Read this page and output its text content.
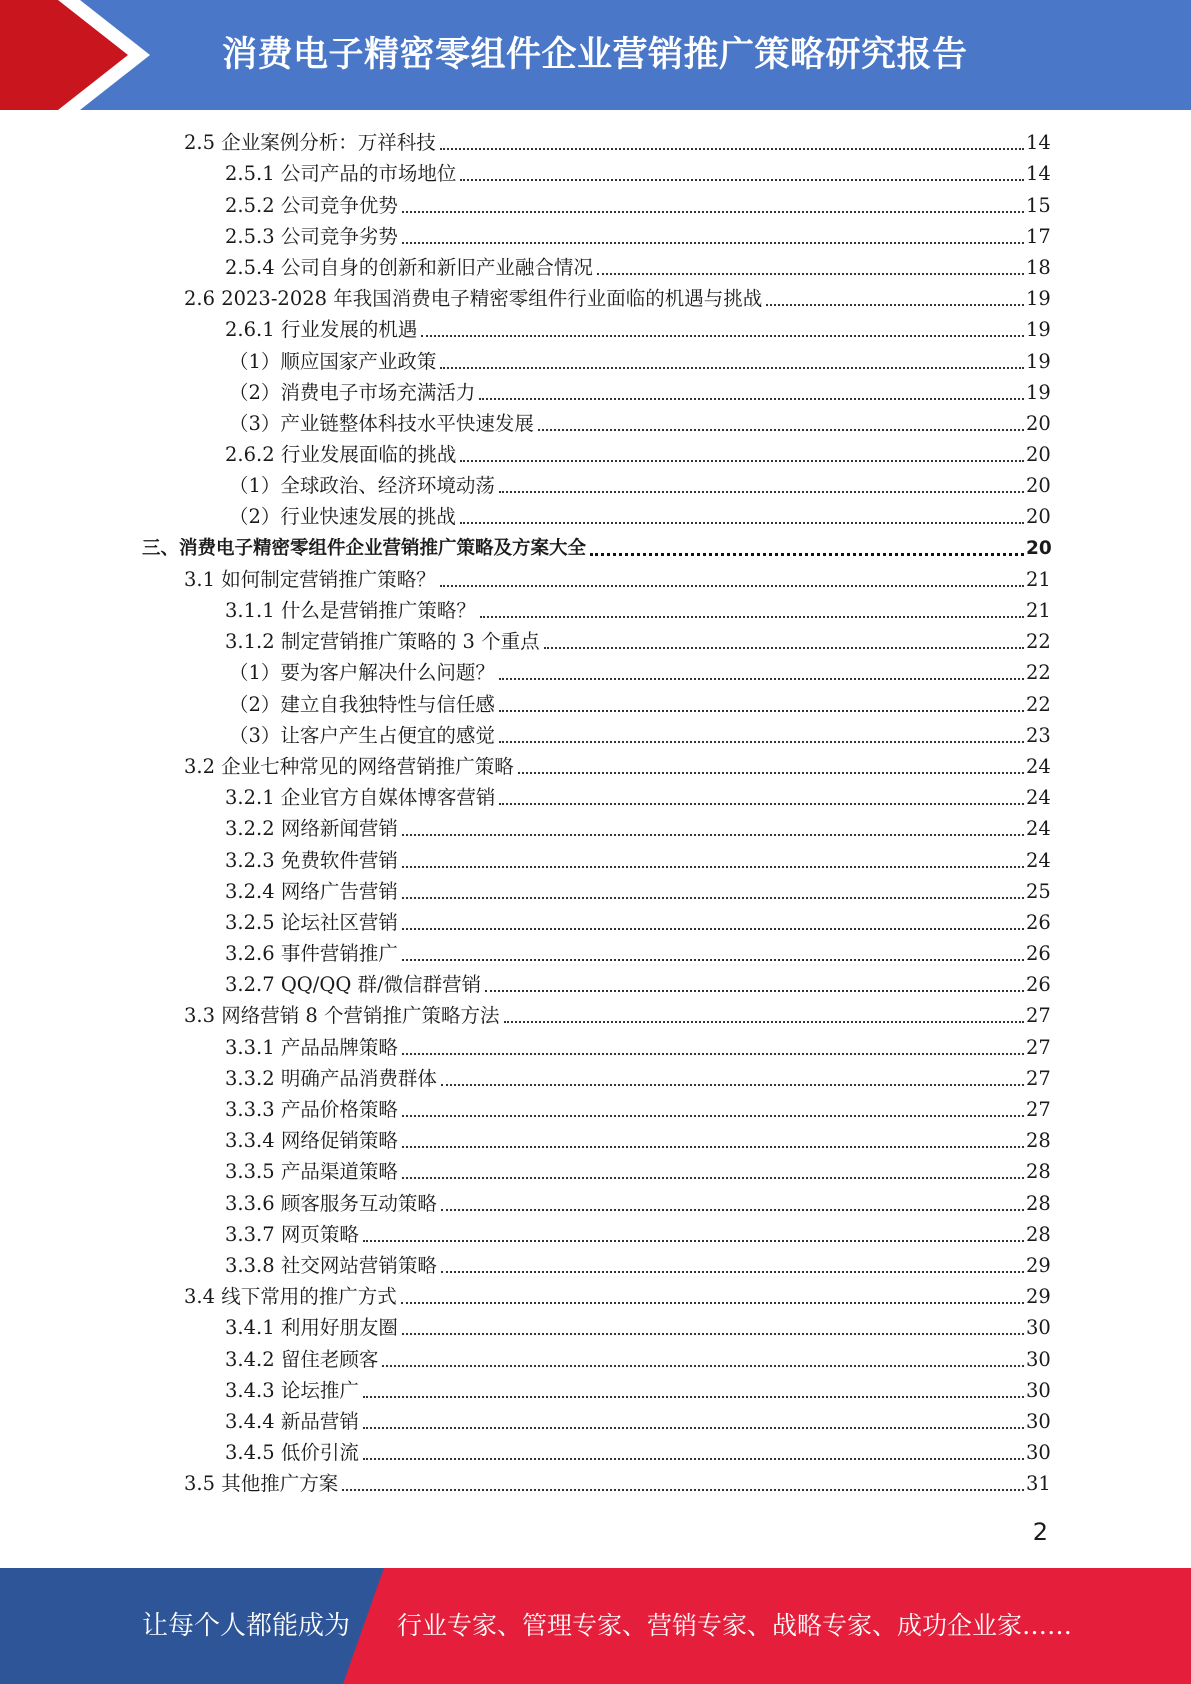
消费电子精密零组件企业营销推广策略研究报告
2.5 企业案例分析：万祥科技	14
2.5.1 公司产品的市场地位	14
2.5.2 公司竞争优势	15
2.5.3 公司竞争劣势	17
2.5.4 公司自身的创新和新旧产业融合情况	18
2.6 2023-2028 年我国消费电子精密零组件行业面临的机遇与挑战	19
2.6.1 行业发展的机遇	19
（1）顺应国家产业政策	19
（2）消费电子市场充满活力	19
（3）产业链整体科技水平快速发展	20
2.6.2 行业发展面临的挑战	20
（1）全球政治、经济环境动荡	20
（2）行业快速发展的挑战	20
三、消费电子精密零组件企业营销推广策略及方案大全	20
3.1 如何制定营销推广策略？	21
3.1.1 什么是营销推广策略？	21
3.1.2 制定营销推广策略的 3 个重点	22
（1）要为客户解决什么问题？	22
（2）建立自我独特性与信任感	22
（3）让客户产生占便宜的感觉	23
3.2 企业七种常见的网络营销推广策略	24
3.2.1 企业官方自媒体博客营销	24
3.2.2 网络新闻营销	24
3.2.3 免费软件营销	24
3.2.4 网络广告营销	25
3.2.5 论坛社区营销	26
3.2.6 事件营销推广	26
3.2.7 QQ/QQ 群/微信群营销	26
3.3 网络营销 8 个营销推广策略方法	27
3.3.1 产品品牌策略	27
3.3.2 明确产品消费群体	27
3.3.3 产品价格策略	27
3.3.4 网络促销策略	28
3.3.5 产品渠道策略	28
3.3.6 顾客服务互动策略	28
3.3.7 网页策略	28
3.3.8 社交网站营销策略	29
3.4 线下常用的推广方式	29
3.4.1 利用好朋友圈	30
3.4.2 留住老顾客	30
3.4.3 论坛推广	30
3.4.4 新品营销	30
3.4.5 低价引流	30
3.5 其他推广方案	31
2
让每个人都能成为 行业专家、管理专家、营销专家、战略专家、成功企业家……
